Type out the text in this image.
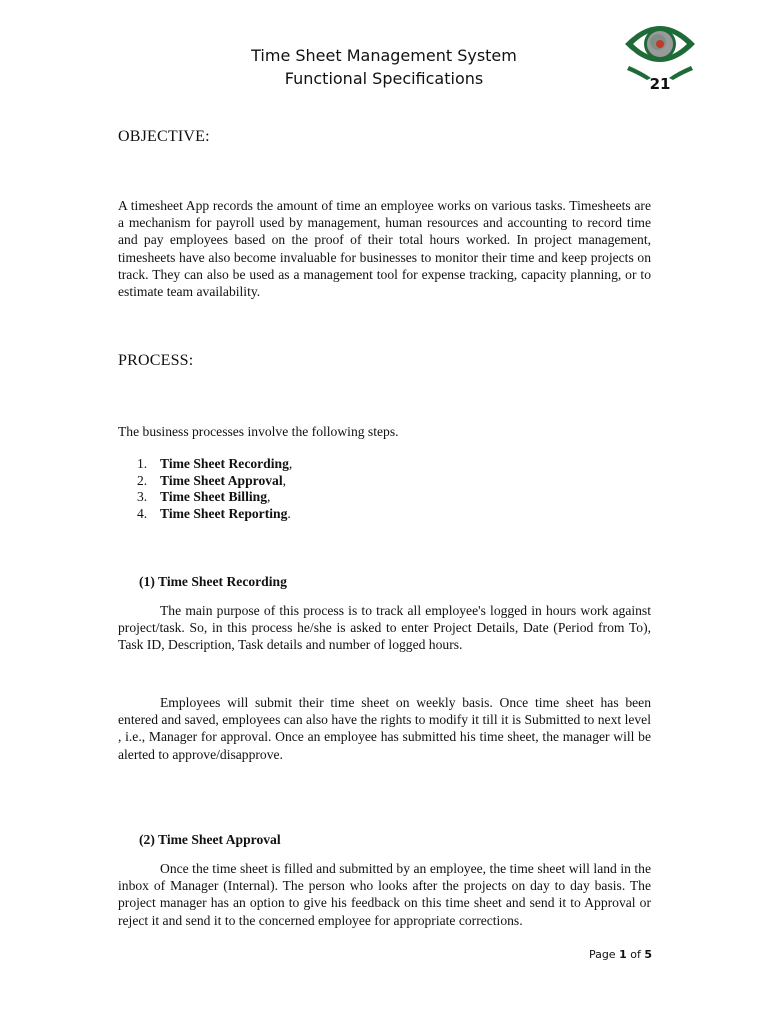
Time Sheet Management System
Functional Specifications	21
OBJECTIVE:
A timesheet App records the amount of time an employee works on various tasks. Timesheets are a mechanism for payroll used by management, human resources and accounting to record time and pay employees based on the proof of their total hours worked. In project management, timesheets have also become invaluable for businesses to monitor their time and keep projects on track. They can also be used as a management tool for expense tracking, capacity planning, or to estimate team availability.
PROCESS:
The business processes involve the following steps.
1. Time Sheet Recording,
2. Time Sheet Approval,
3. Time Sheet Billing,
4. Time Sheet Reporting.
(1) Time Sheet Recording
The main purpose of this process is to track all employee's logged in hours work against project/task. So, in this process he/she is asked to enter Project Details, Date (Period from To), Task ID, Description, Task details and number of logged hours.
Employees will submit their time sheet on weekly basis. Once time sheet has been entered and saved, employees can also have the rights to modify it till it is Submitted to next level , i.e., Manager for approval. Once an employee has submitted his time sheet, the manager will be alerted to approve/disapprove.
(2) Time Sheet Approval
Once the time sheet is filled and submitted by an employee, the time sheet will land in the inbox of Manager (Internal). The person who looks after the projects on day to day basis. The project manager has an option to give his feedback on this time sheet and send it to Approval or reject it and send it to the concerned employee for appropriate corrections.
Page 1 of 5
